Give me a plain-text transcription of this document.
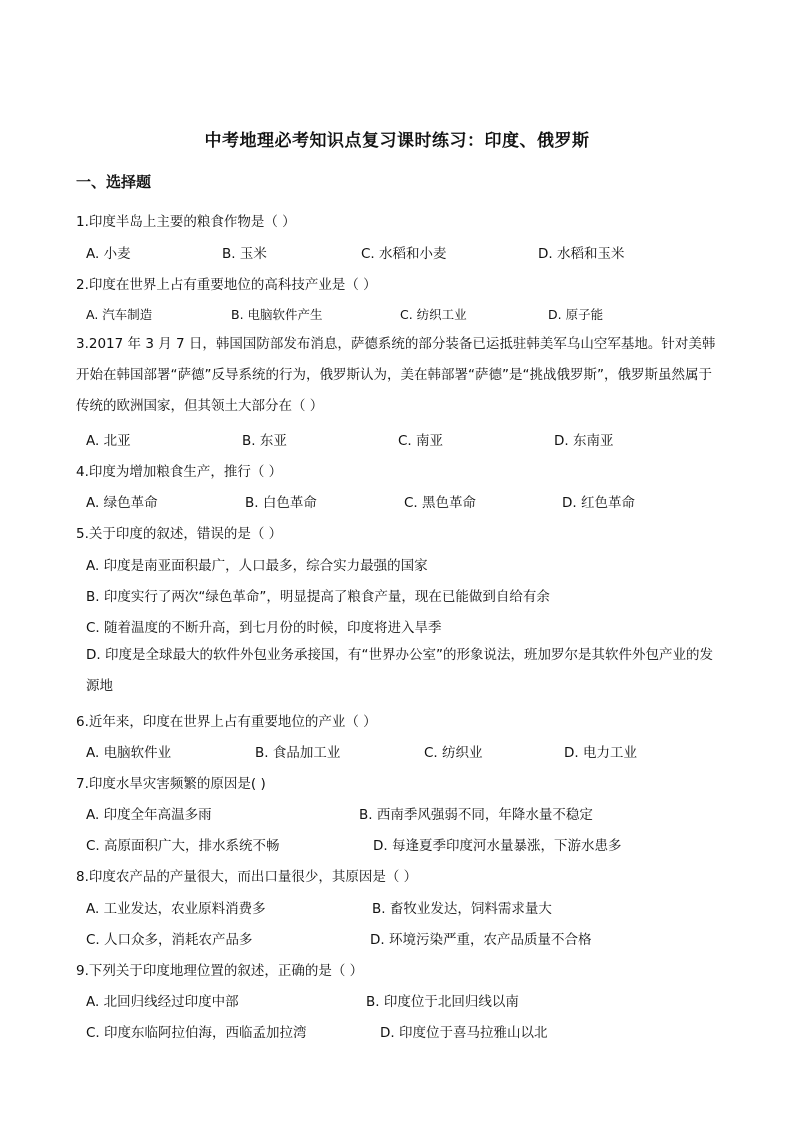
中考地理必考知识点复习课时练习：印度、俄罗斯
一、选择题
1.印度半岛上主要的粮食作物是（ ）
A. 小麦	B. 玉米	C. 水稻和小麦	D. 水稻和玉米
2.印度在世界上占有重要地位的高科技产业是（ ）
A. 汽车制造	B. 电脑软件产生	C. 纺织工业	D. 原子能
3.2017 年 3 月 7 日，韩国国防部发布消息，萨德系统的部分装备已运抵驻韩美军乌山空军基地。针对美韩开始在韩国部署“萨德”反导系统的行为，俄罗斯认为，美在韩部署“萨德”是“挑战俄罗斯”，俄罗斯虽然属于传统的欧洲国家，但其领土大部分在（ ）
A. 北亚	B. 东亚	C. 南亚	D. 东南亚
4.印度为增加粮食生产，推行（ ）
A. 绿色革命	B. 白色革命	C. 黑色革命	D. 红色革命
5.关于印度的叙述，错误的是（ ）
A. 印度是南亚面积最广，人口最多，综合实力最强的国家
B. 印度实行了两次“绿色革命”，明显提高了粮食产量，现在已能做到自给有余
C. 随着温度的不断升高，到七月份的时候，印度将进入旱季
D. 印度是全球最大的软件外包业务承接国，有“世界办公室”的形象说法，班加罗尔是其软件外包产业的发源地
6.近年来，印度在世界上占有重要地位的产业（ ）
A. 电脑软件业	B. 食品加工业	C. 纺织业	D. 电力工业
7.印度水旱灾害频繁的原因是( )
A. 印度全年高温多雨	B. 西南季风强弱不同，年降水量不稳定
C. 高原面积广大，排水系统不畅	D. 每逢夏季印度河水量暴涨，下游水患多
8.印度农产品的产量很大，而出口量很少，其原因是（ ）
A. 工业发达，农业原料消费多	B. 畜牧业发达，饲料需求量大
C. 人口众多，消耗农产品多	D. 环境污染严重，农产品质量不合格
9.下列关于印度地理位置的叙述，正确的是（ ）
A. 北回归线经过印度中部	B. 印度位于北回归线以南
C. 印度东临阿拉伯海，西临孟加拉湾	D. 印度位于喜马拉雅山以北
